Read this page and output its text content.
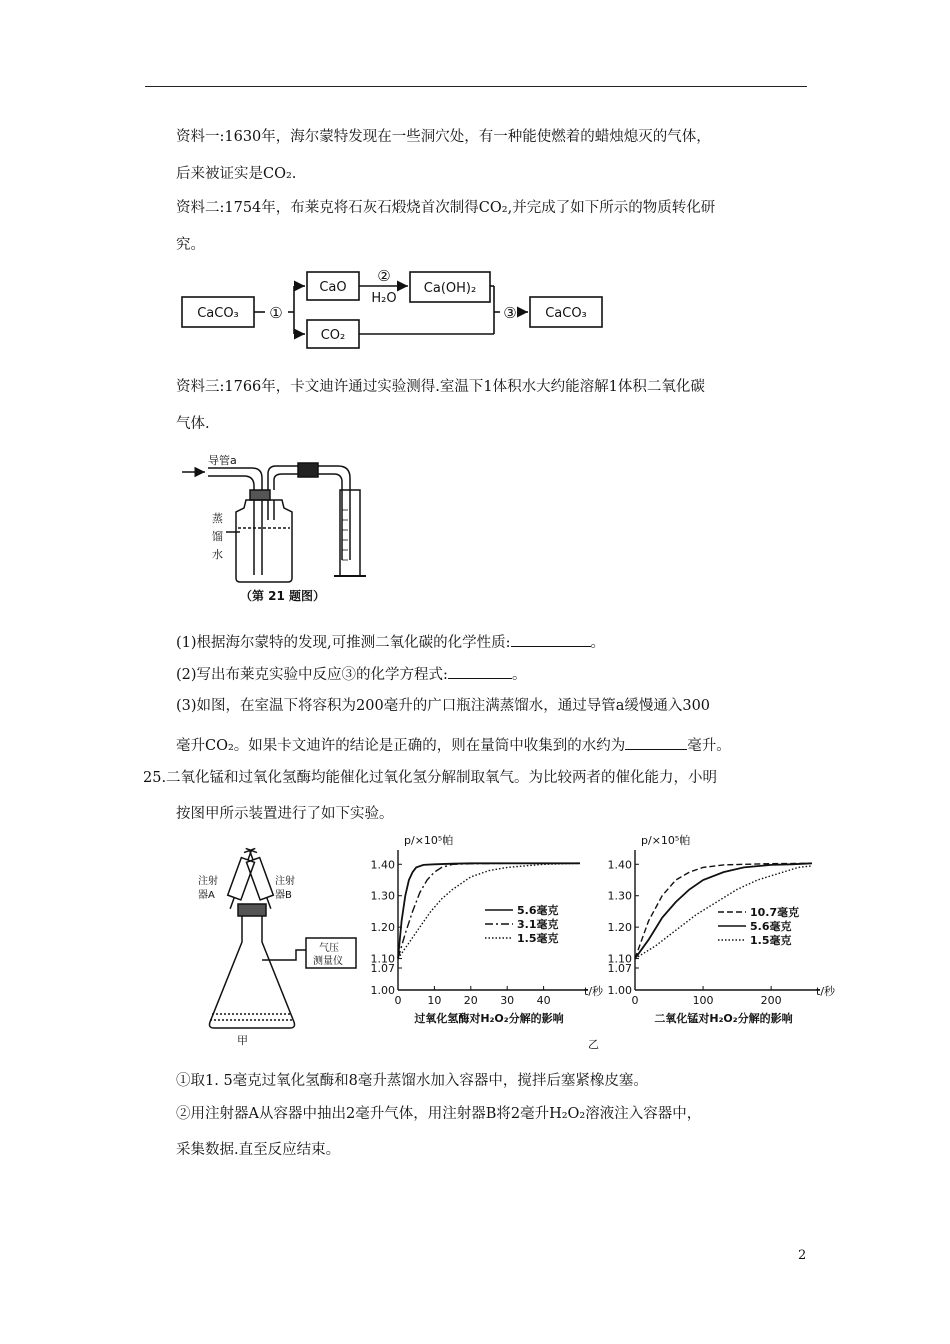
资料一:1630年，海尔蒙特发现在一些洞穴处，有一种能使燃着的蜡烛熄灭的气体，
后来被证实是CO₂.
资料二:1754年，布莱克将石灰石煅烧首次制得CO₂,并完成了如下所示的物质转化研
究。
CaCO₃ ①
CaO
CO₂
②
H₂O
Ca(OH)₂
③ CaCO₃
资料三:1766年，卡文迪许通过实验测得.室温下1体积水大约能溶解1体积二氧化碳
气体.
导管a
蒸
馏
水
（第 21 题图）
(1)根据海尔蒙特的发现,可推测二氧化碳的化学性质:	。
(2)写出布莱克实验中反应③的化学方程式:	。
(3)如图，在室温下将容积为200毫升的广口瓶注满蒸馏水，通过导管a缓慢通入300
毫升CO₂。如果卡文迪许的结论是正确的，则在量筒中收集到的水约为	毫升。
25.二氧化锰和过氧化氢酶均能催化过氧化氢分解制取氧气。为比较两者的催化能力，小明
按图甲所示装置进行了如下实验。
注射
器A
注射
器B
气压
测量仪
甲
1.00
1.07
1.10
1.20
1.30
1.40
0 10 20 30 40
p/×10⁵帕
t/秒
过氧化氢酶对H₂O₂分解的影响
5.6毫克
3.1毫克
1.5毫克
1.00
1.07
1.10
1.20
1.30
1.40
0	100	200
p/×10⁵帕
t/秒
二氧化锰对H₂O₂分解的影响
10.7毫克
5.6毫克
1.5毫克
乙
①取1. 5毫克过氧化氢酶和8毫升蒸馏水加入容器中，搅拌后塞紧橡皮塞。
②用注射器A从容器中抽出2毫升气体，用注射器B将2毫升H₂O₂溶液注入容器中，
采集数据.直至反应结束。
2
